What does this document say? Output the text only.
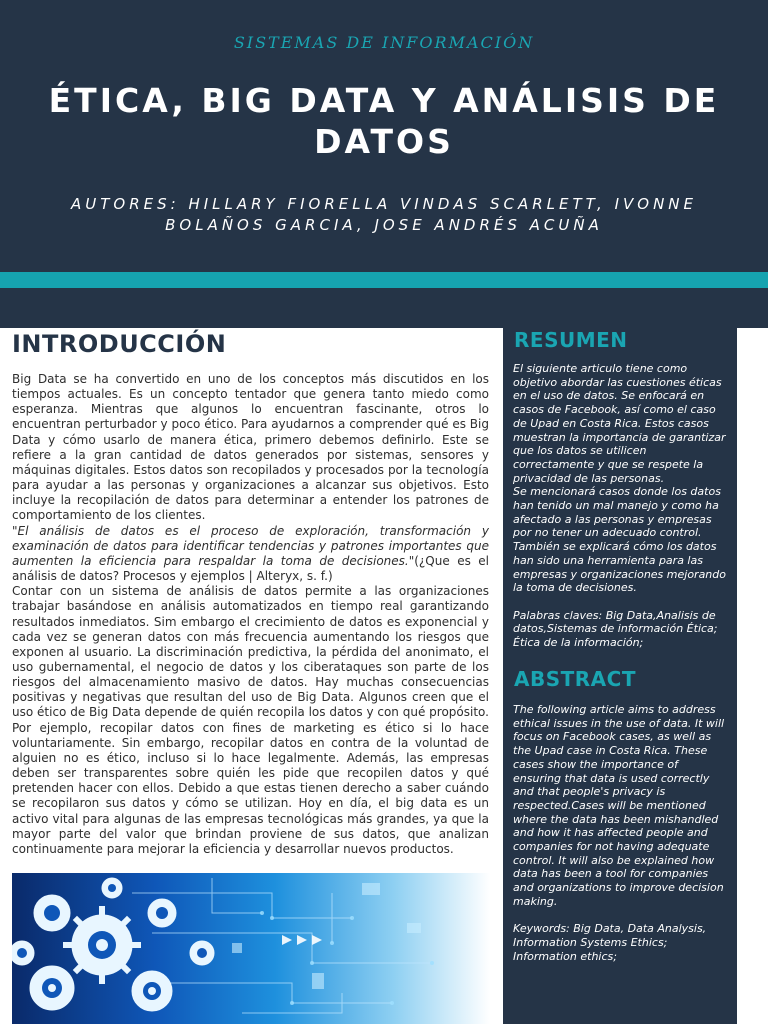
SISTEMAS DE INFORMACIÓN
ÉTICA, BIG DATA Y ANÁLISIS DE DATOS
AUTORES: HILLARY FIORELLA VINDAS SCARLETT, IVONNE BOLAÑOS GARCIA, JOSE ANDRÉS ACUÑA
INTRODUCCIÓN

Big Data se ha convertido en uno de los conceptos más discutidos en los tiempos actuales. Es un concepto tentador que genera tanto miedo como esperanza. Mientras que algunos lo encuentran fascinante, otros lo encuentran perturbador y poco ético. Para ayudarnos a comprender qué es Big Data y cómo usarlo de manera ética, primero debemos definirlo. Este se refiere a la gran cantidad de datos generados por sistemas, sensores y máquinas digitales. Estos datos son recopilados y procesados por la tecnología para ayudar a las personas y organizaciones a alcanzar sus objetivos. Esto incluye la recopilación de datos para determinar a entender los patrones de comportamiento de los clientes.

"El análisis de datos es el proceso de exploración, transformación y examinación de datos para identificar tendencias y patrones importantes que aumenten la eficiencia para respaldar la toma de decisiones."(¿Que es el análisis de datos? Procesos y ejemplos | Alteryx, s. f.)

Contar con un sistema de análisis de datos permite a las organizaciones trabajar basándose en análisis automatizados en tiempo real garantizando resultados inmediatos. Sim embargo el crecimiento de datos es exponencial y cada vez se generan datos con más frecuencia aumentando los riesgos que exponen al usuario. La discriminación predictiva, la pérdida del anonimato, el uso gubernamental, el negocio de datos y los ciberataques son parte de los riesgos del almacenamiento masivo de datos. Hay muchas consecuencias positivas y negativas que resultan del uso de Big Data. Algunos creen que el uso ético de Big Data depende de quién recopila los datos y con qué propósito. Por ejemplo, recopilar datos con fines de marketing es ético si lo hace voluntariamente. Sin embargo, recopilar datos en contra de la voluntad de alguien no es ético, incluso si lo hace legalmente. Además, las empresas deben ser transparentes sobre quién les pide que recopilen datos y qué pretenden hacer con ellos. Debido a que estas tienen derecho a saber cuándo se recopilaron sus datos y cómo se utilizan. Hoy en día, el big data es un activo vital para algunas de las empresas tecnológicas más grandes, ya que la mayor parte del valor que brindan proviene de sus datos, que analizan continuamente para mejorar la eficiencia y desarrollar nuevos productos.

RESUMEN

El siguiente articulo tiene como objetivo abordar las cuestiones éticas en el uso de datos. Se enfocará en casos de Facebook, así como el caso de Upad en Costa Rica. Estos casos muestran la importancia de garantizar que los datos se utilicen correctamente y que se respete la privacidad de las personas.

Se mencionará casos donde los datos han tenido un mal manejo y como ha afectado a las personas y empresas por no tener un adecuado control. También se explicará cómo los datos han sido una herramienta para las empresas y organizaciones mejorando la toma de decisiones.

Palabras claves: Big Data,Analisis de datos,Sistemas de información Ética; Ética de la información;

ABSTRACT

The following article aims to address ethical issues in the use of data. It will focus on Facebook cases, as well as the Upad case in Costa Rica. These cases show the importance of ensuring that data is used correctly and that people's privacy is respected.Cases will be mentioned where the data has been mishandled and how it has affected people and companies for not having adequate control. It will also be explained how data has been a tool for companies and organizations to improve decision making.

Keywords: Big Data, Data Analysis, Information Systems Ethics; Information ethics;
